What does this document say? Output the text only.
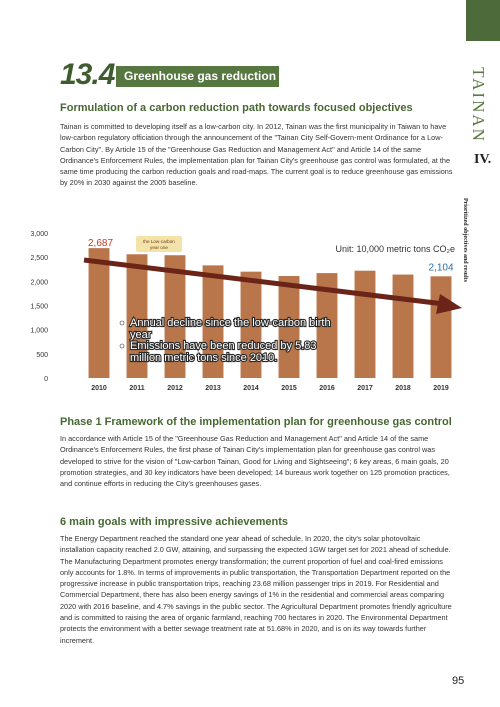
TAINAN
IV.
Prioritized objectives and results
13.4 Greenhouse gas reduction
Formulation of a carbon reduction path towards focused objectives

Tainan is committed to developing itself as a low-carbon city. In 2012, Tainan was the first municipality in Taiwan to have low-carbon regulatory officiation through the announcement of the "Tainan City Self-Govern-ment Ordinance for a Low-Carbon City". By Article 15 of the "Greenhouse Gas Reduction and Management Act" and Article 14 of the same Ordinance's Enforcement Rules, the implementation plan for Tainan City's greenhouse gas control was formulated, at the same time producing the carbon reduction goals and road-maps. The current goal is to reduce greenhouse gas emissions by 20% in 2030 against the 2005 baseline.

0
500
1,000
1,500
2,000
2,500
3,000
2010	2011	2012	2013	2014	2015	2016	2017	2018	2019
2,687
2,104
Unit: 10,000 metric tons CO₂e
the Low-carbon
year one
Annual decline since the low-carbon birth year
Emissions have been reduced by 5.83 million metric tons since 2010.
Phase 1 Framework of the implementation plan for greenhouse gas control

In accordance with Article 15 of the "Greenhouse Gas Reduction and Management Act" and Article 14 of the same Ordinance's Enforcement Rules, the first phase of Tainan City's implementation plan for greenhouse gas control was developed to strive for the vision of "Low-carbon Tainan, Good for Living and Sightseeing"; 6 key areas, 6 main goals, 20 promotion strategies, and 30 key indicators have been developed; 14 bureaus work together on 125 promotion practices, and continue efforts in reducing the City's greenhouses gases.

6 main goals with impressive achievements

The Energy Department reached the standard one year ahead of schedule. In 2020, the city's solar photovoltaic installation capacity reached 2.0 GW, attaining, and surpassing the expected 1GW target set for 2021 ahead of schedule. The Manufacturing Department promotes energy transformation; the current proportion of fuel and coal-fired emissions only accounts for 1.8%. In terms of improvements in public transportation, the Transportation Department reported on the progressive increase in public transportation trips, reaching 23.68 million passenger trips in 2019. For Residential and Commercial Department, there has also been energy savings of 1% in the residential and commercial areas comparing 2020 with 2016 baseline, and 4.7% savings in the public sector. The Agricultural Department promotes friendly agriculture and is committed to raising the area of organic farmland, reaching 700 hectares in 2020. The Environmental Department protects the environment with a better sewage treatment rate at 51.68% in 2020, and is on its way towards further increment.

95
